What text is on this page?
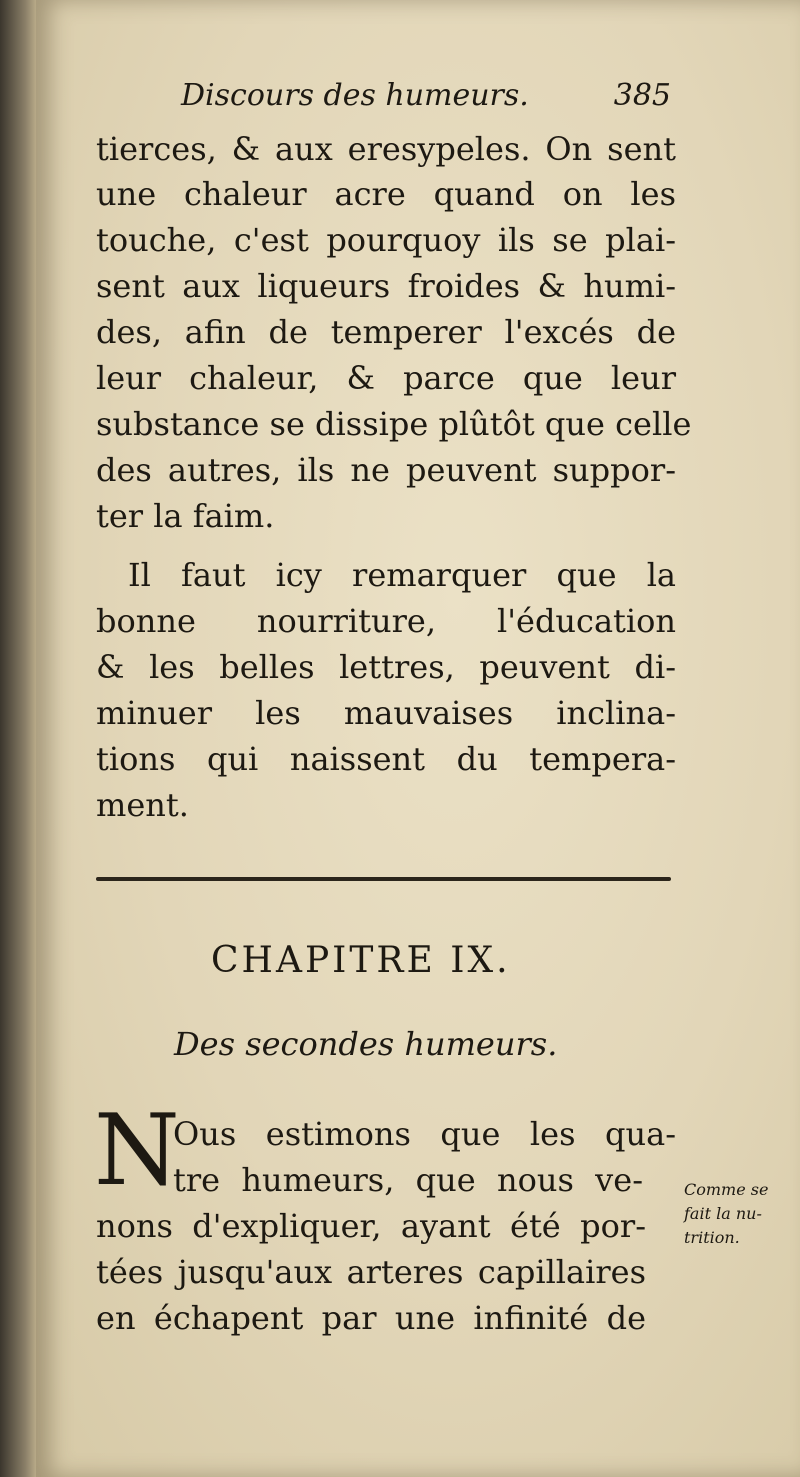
Discours des humeurs.	385
tierces, & aux eresypeles. On sent
une chaleur acre quand on les
touche, c'est pourquoy ils se plai-
sent aux liqueurs froides & humi-
des, afin de temperer l'excés de
leur chaleur, & parce que leur
substance se dissipe plûtôt que celle
des autres, ils ne peuvent suppor-
ter la faim.
Il faut icy remarquer que la
bonne nourriture, l'éducation
& les belles lettres, peuvent di-
minuer les mauvaises inclina-
tions qui naissent du tempera-
ment.
CHAPITRE IX.
Des secondes humeurs.
N
Ous estimons que les qua-
tre humeurs, que nous ve-
nons d'expliquer, ayant été por-
tées jusqu'aux arteres capillaires
en échapent par une infinité de
Comme se
fait la nu-
trition.
